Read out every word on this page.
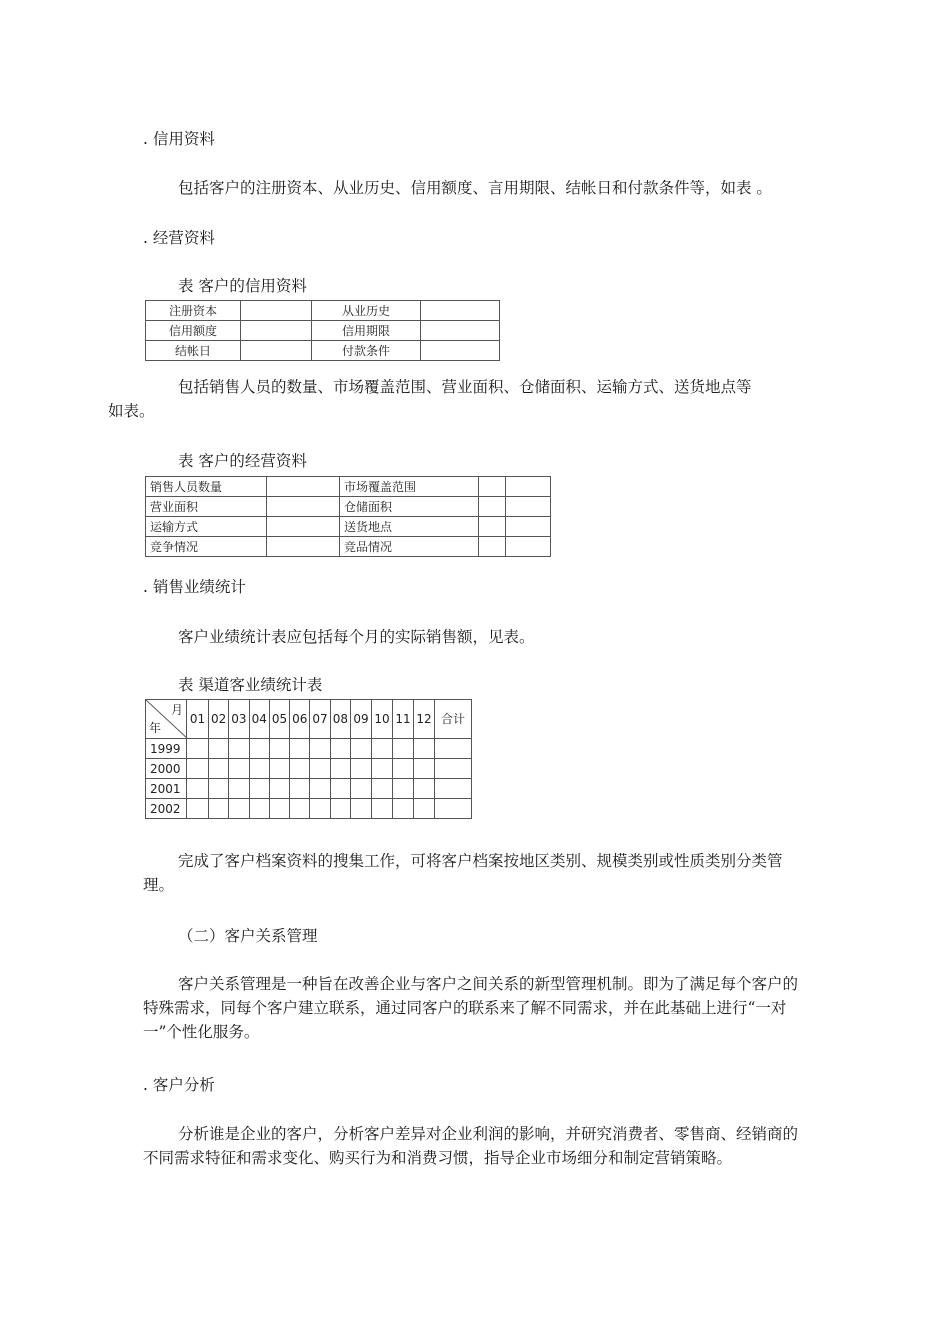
. 信用资料
包括客户的注册资本、从业历史、信用额度、言用期限、结帐日和付款条件等，如表 。
. 经营资料
表 客户的信用资料
注册资本		从业历史	
信用额度		信用期限	
结帐日		付款条件	
包括销售人员的数量、市场覆盖范围、营业面积、仓储面积、运输方式、送货地点等
如表。
表 客户的经营资料
销售人员数量		市场覆盖范围		
营业面积		仓储面积		
运输方式		送货地点		
竞争情况		竞品情况		
. 销售业绩统计
客户业绩统计表应包括每个月的实际销售额，见表。
表 渠道客业绩统计表
月
年	01	02	03	04	05	06	07	08	09	10	11	12	合计
1999													
2000													
2001													
2002													
完成了客户档案资料的搜集工作，可将客户档案按地区类别、规模类别或性质类别分类管理。
（二）客户关系管理
客户关系管理是一种旨在改善企业与客户之间关系的新型管理机制。即为了满足每个客户的特殊需求，同每个客户建立联系，通过同客户的联系来了解不同需求，并在此基础上进行“一对一”个性化服务。
. 客户分析
分析谁是企业的客户，分析客户差异对企业利润的影响，并研究消费者、零售商、经销商的不同需求特征和需求变化、购买行为和消费习惯，指导企业市场细分和制定营销策略。
